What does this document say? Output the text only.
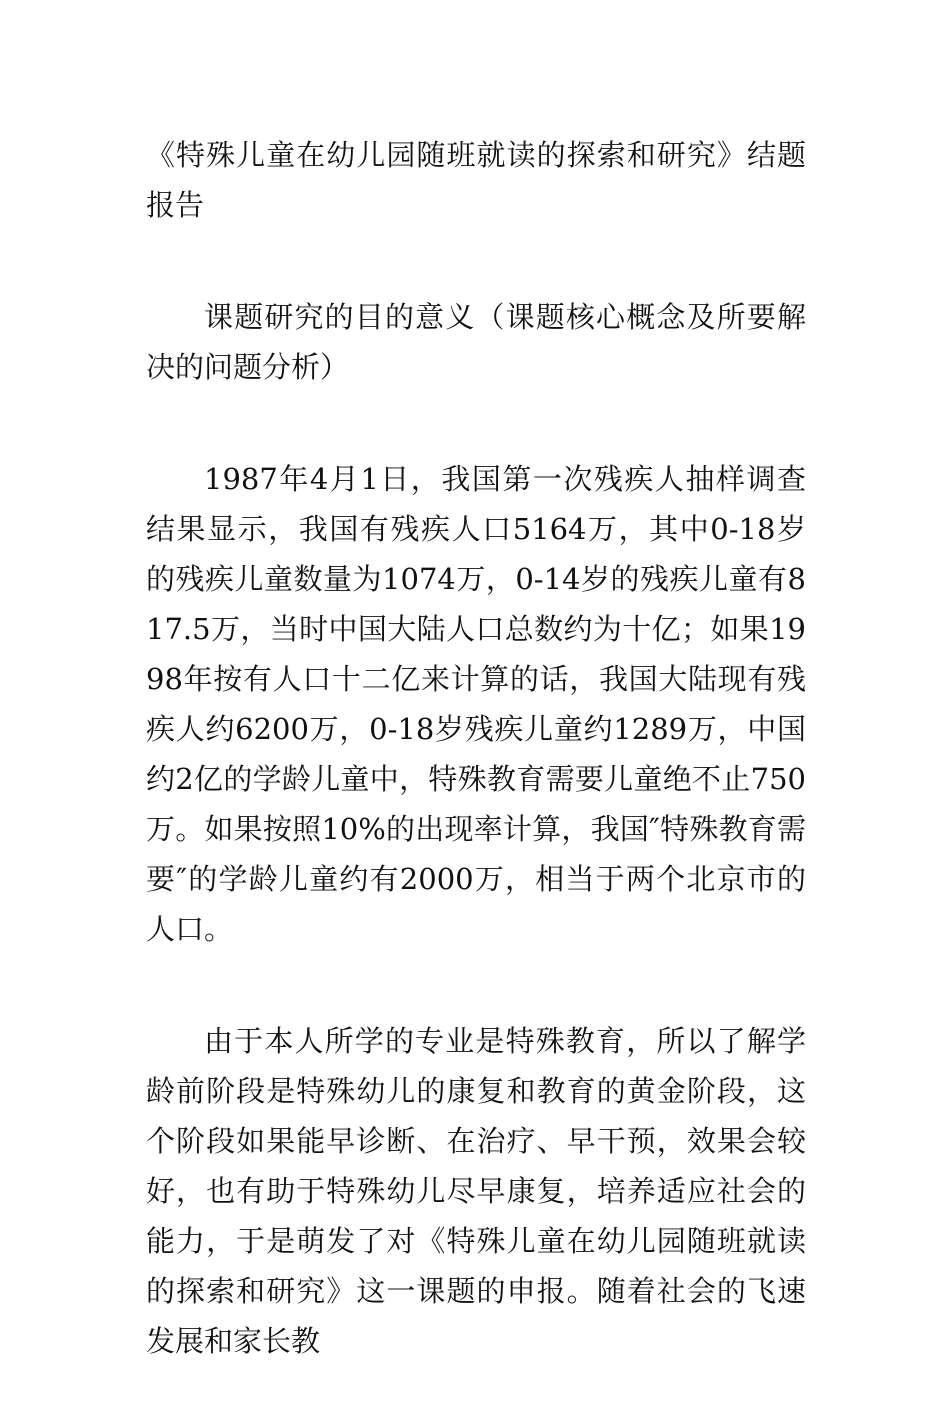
《特殊儿童在幼儿园随班就读的探索和研究》结题报告

课题研究的目的意义（课题核心概念及所要解决的问题分析）

1987年4月1日，我国第一次残疾人抽样调查结果显示，我国有残疾人口5164万，其中0-18岁的残疾儿童数量为1074万，0-14岁的残疾儿童有817.5万，当时中国大陆人口总数约为十亿；如果1998年按有人口十二亿来计算的话，我国大陆现有残疾人约6200万，0-18岁残疾儿童约1289万，中国约2亿的学龄儿童中，特殊教育需要儿童绝不止750万。如果按照10%的出现率计算，我国″特殊教育需要″的学龄儿童约有2000万，相当于两个北京市的人口。

由于本人所学的专业是特殊教育，所以了解学龄前阶段是特殊幼儿的康复和教育的黄金阶段，这个阶段如果能早诊断、在治疗、早干预，效果会较好，也有助于特殊幼儿尽早康复，培养适应社会的能力，于是萌发了对《特殊儿童在幼儿园随班就读的探索和研究》这一课题的申报。随着社会的飞速发展和家长教
